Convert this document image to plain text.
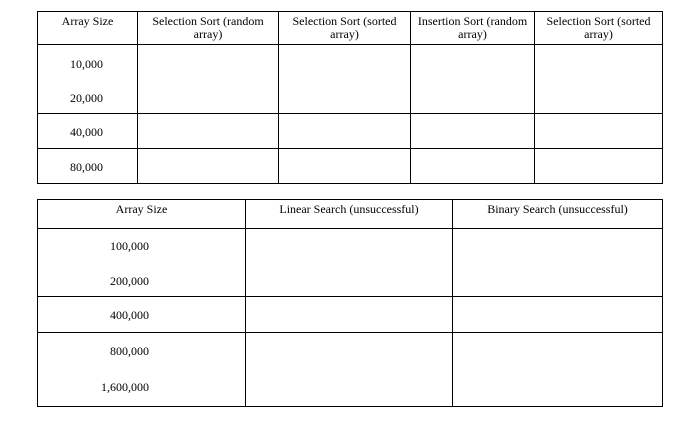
Array Size	Selection Sort (random array)	Selection Sort (sorted array)	Insertion Sort (random array)	Selection Sort (sorted array)

10,000
20,000				

40,000				

80,000				

Array Size	Linear Search (unsuccessful)	Binary Search (unsuccessful)

100,000
200,000		

400,000		

800,000
1,600,000		
